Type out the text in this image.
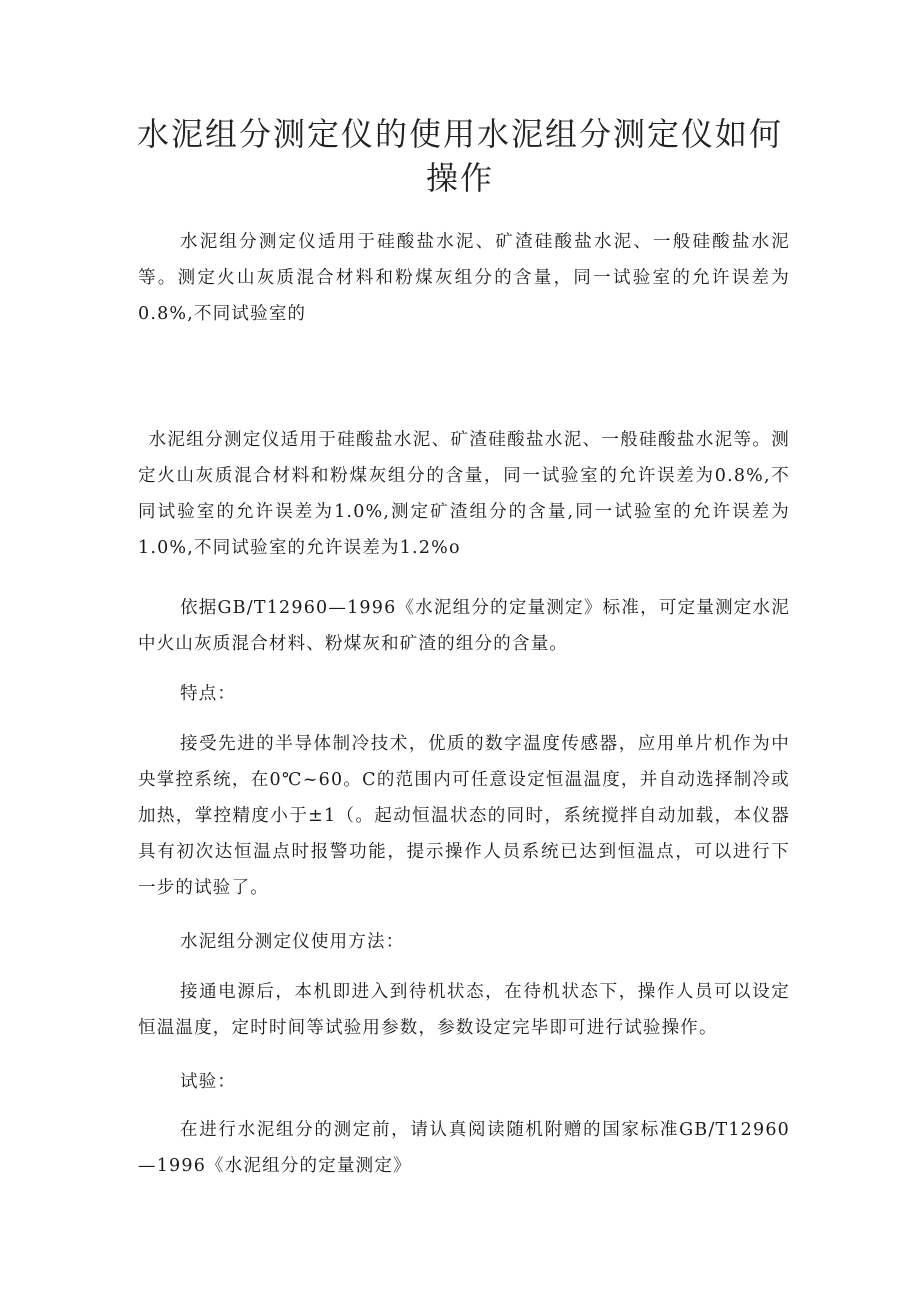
水泥组分测定仪的使用水泥组分测定仪如何操作

水泥组分测定仪适用于硅酸盐水泥、矿渣硅酸盐水泥、一般硅酸盐水泥等。测定火山灰质混合材料和粉煤灰组分的含量，同一试验室的允许误差为0.8%,不同试验室的

水泥组分测定仪适用于硅酸盐水泥、矿渣硅酸盐水泥、一般硅酸盐水泥等。测定火山灰质混合材料和粉煤灰组分的含量，同一试验室的允许误差为0.8%,不同试验室的允许误差为1.0%,测定矿渣组分的含量,同一试验室的允许误差为1.0%,不同试验室的允许误差为1.2%o

依据GB/T12960—1996《水泥组分的定量测定》标准，可定量测定水泥中火山灰质混合材料、粉煤灰和矿渣的组分的含量。

特点：

接受先进的半导体制冷技术，优质的数字温度传感器，应用单片机作为中央掌控系统，在0℃~60。C的范围内可任意设定恒温温度，并自动选择制冷或加热，掌控精度小于±1（。起动恒温状态的同时，系统搅拌自动加载，本仪器具有初次达恒温点时报警功能，提示操作人员系统已达到恒温点，可以进行下一步的试验了。

水泥组分测定仪使用方法：

接通电源后，本机即进入到待机状态，在待机状态下，操作人员可以设定恒温温度，定时时间等试验用参数，参数设定完毕即可进行试验操作。

试验：

在进行水泥组分的测定前，请认真阅读随机附赠的国家标准GB/T12960—1996《水泥组分的定量测定》
